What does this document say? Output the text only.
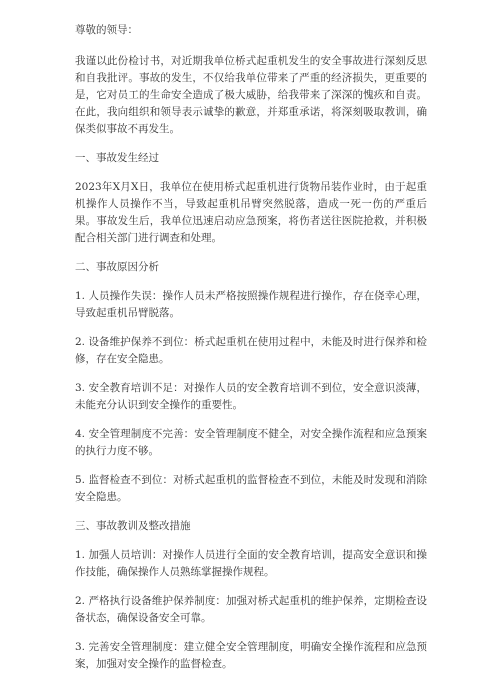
尊敬的领导：

我谨以此份检讨书，对近期我单位桥式起重机发生的安全事故进行深刻反思和自我批评。事故的发生，不仅给我单位带来了严重的经济损失，更重要的是，它对员工的生命安全造成了极大威胁，给我带来了深深的愧疚和自责。在此，我向组织和领导表示诚挚的歉意，并郑重承诺，将深刻吸取教训，确保类似事故不再发生。

一、事故发生经过

2023年X月X日，我单位在使用桥式起重机进行货物吊装作业时，由于起重机操作人员操作不当，导致起重机吊臂突然脱落，造成一死一伤的严重后果。事故发生后，我单位迅速启动应急预案，将伤者送往医院抢救，并积极配合相关部门进行调查和处理。

二、事故原因分析

1. 人员操作失误：操作人员未严格按照操作规程进行操作，存在侥幸心理，导致起重机吊臂脱落。

2. 设备维护保养不到位：桥式起重机在使用过程中，未能及时进行保养和检修，存在安全隐患。

3. 安全教育培训不足：对操作人员的安全教育培训不到位，安全意识淡薄，未能充分认识到安全操作的重要性。

4. 安全管理制度不完善：安全管理制度不健全，对安全操作流程和应急预案的执行力度不够。

5. 监督检查不到位：对桥式起重机的监督检查不到位，未能及时发现和消除安全隐患。

三、事故教训及整改措施

1. 加强人员培训：对操作人员进行全面的安全教育培训，提高安全意识和操作技能，确保操作人员熟练掌握操作规程。

2. 严格执行设备维护保养制度：加强对桥式起重机的维护保养，定期检查设备状态，确保设备安全可靠。

3. 完善安全管理制度：建立健全安全管理制度，明确安全操作流程和应急预案，加强对安全操作的监督检查。
